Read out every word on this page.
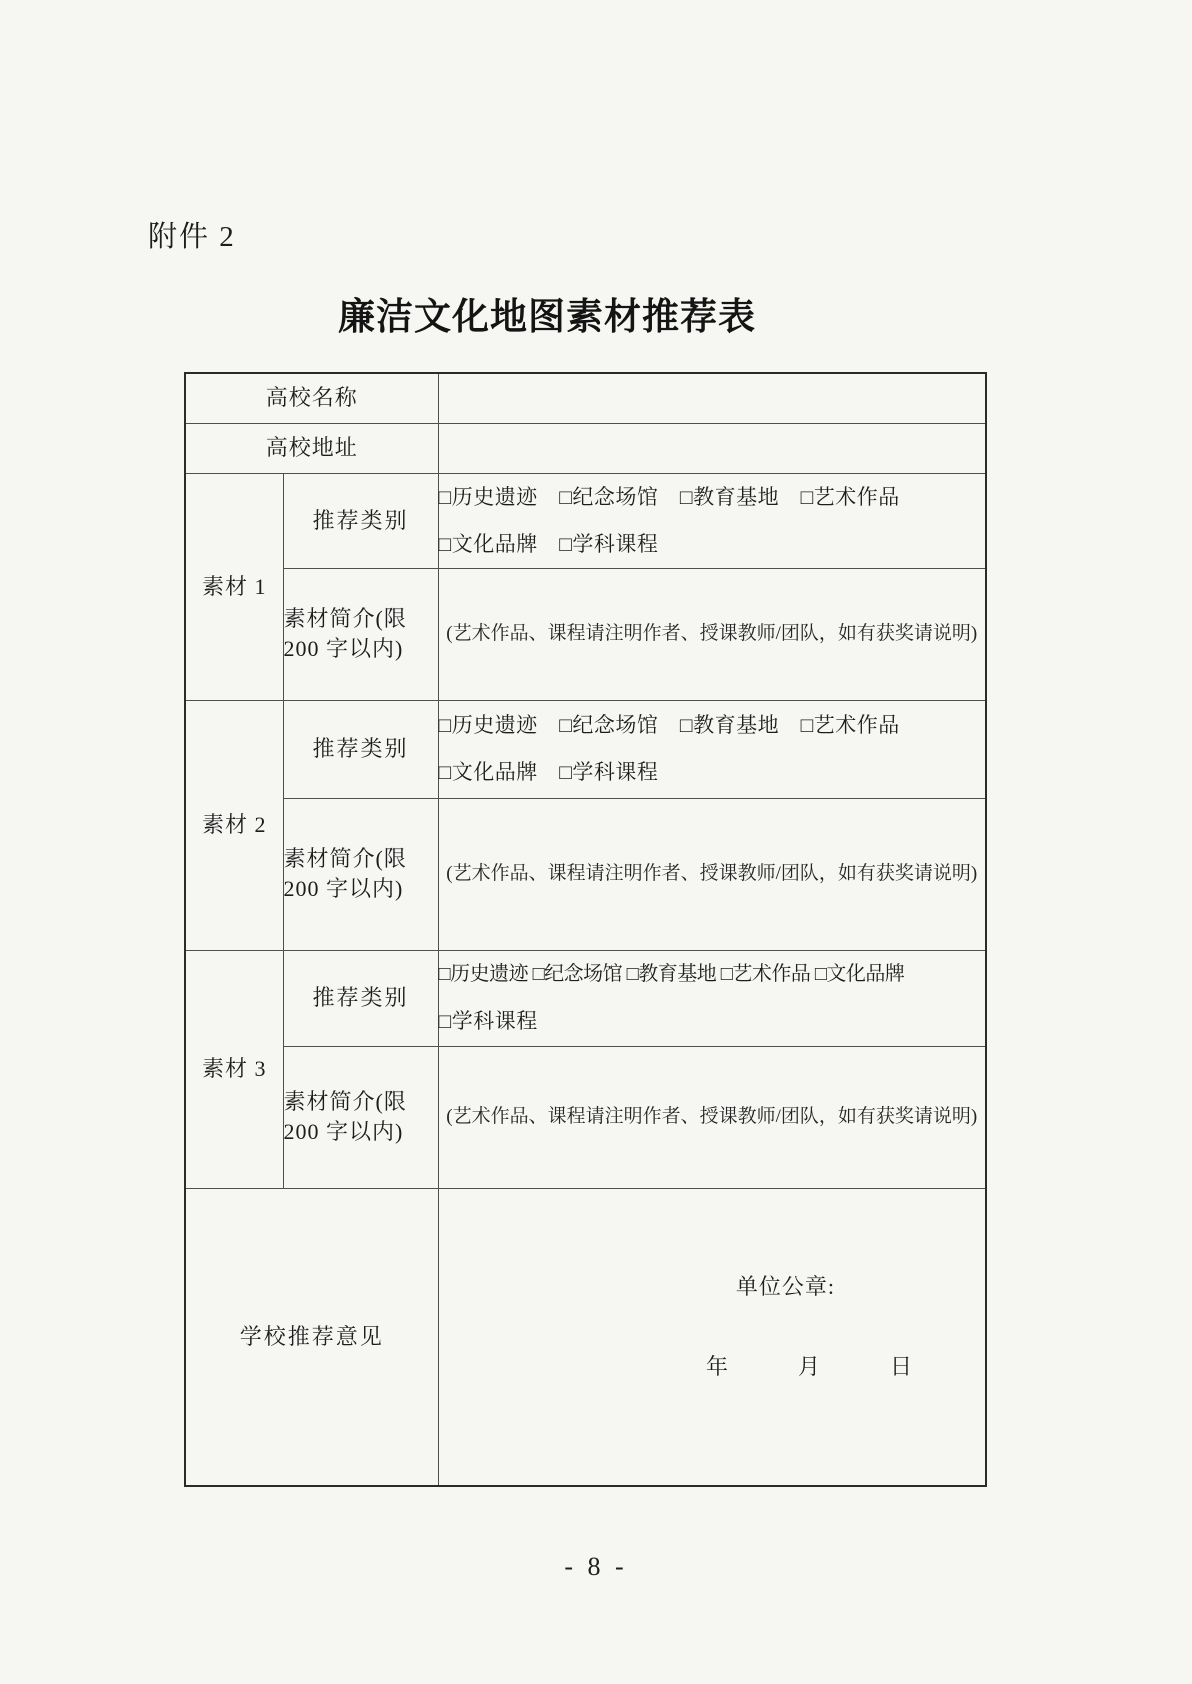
附件 2
廉洁文化地图素材推荐表
高校名称		
高校地址		
素材 1	推荐类别	□历史遗迹　□纪念场馆　□教育基地　□艺术作品
□文化品牌　□学科课程

	素材简介(限
200 字以内)	(艺术作品、课程请注明作者、授课教师/团队，如有获奖请说明)

素材 2	推荐类别	□历史遗迹　□纪念场馆　□教育基地　□艺术作品
□文化品牌　□学科课程

	素材简介(限
200 字以内)	(艺术作品、课程请注明作者、授课教师/团队，如有获奖请说明)

素材 3	推荐类别	□历史遗迹 □纪念场馆 □教育基地 □艺术作品 □文化品牌
□学科课程

	素材简介(限
200 字以内)	(艺术作品、课程请注明作者、授课教师/团队，如有获奖请说明)

学校推荐意见		单位公章:
年　　　月　　　日
- 8 -
